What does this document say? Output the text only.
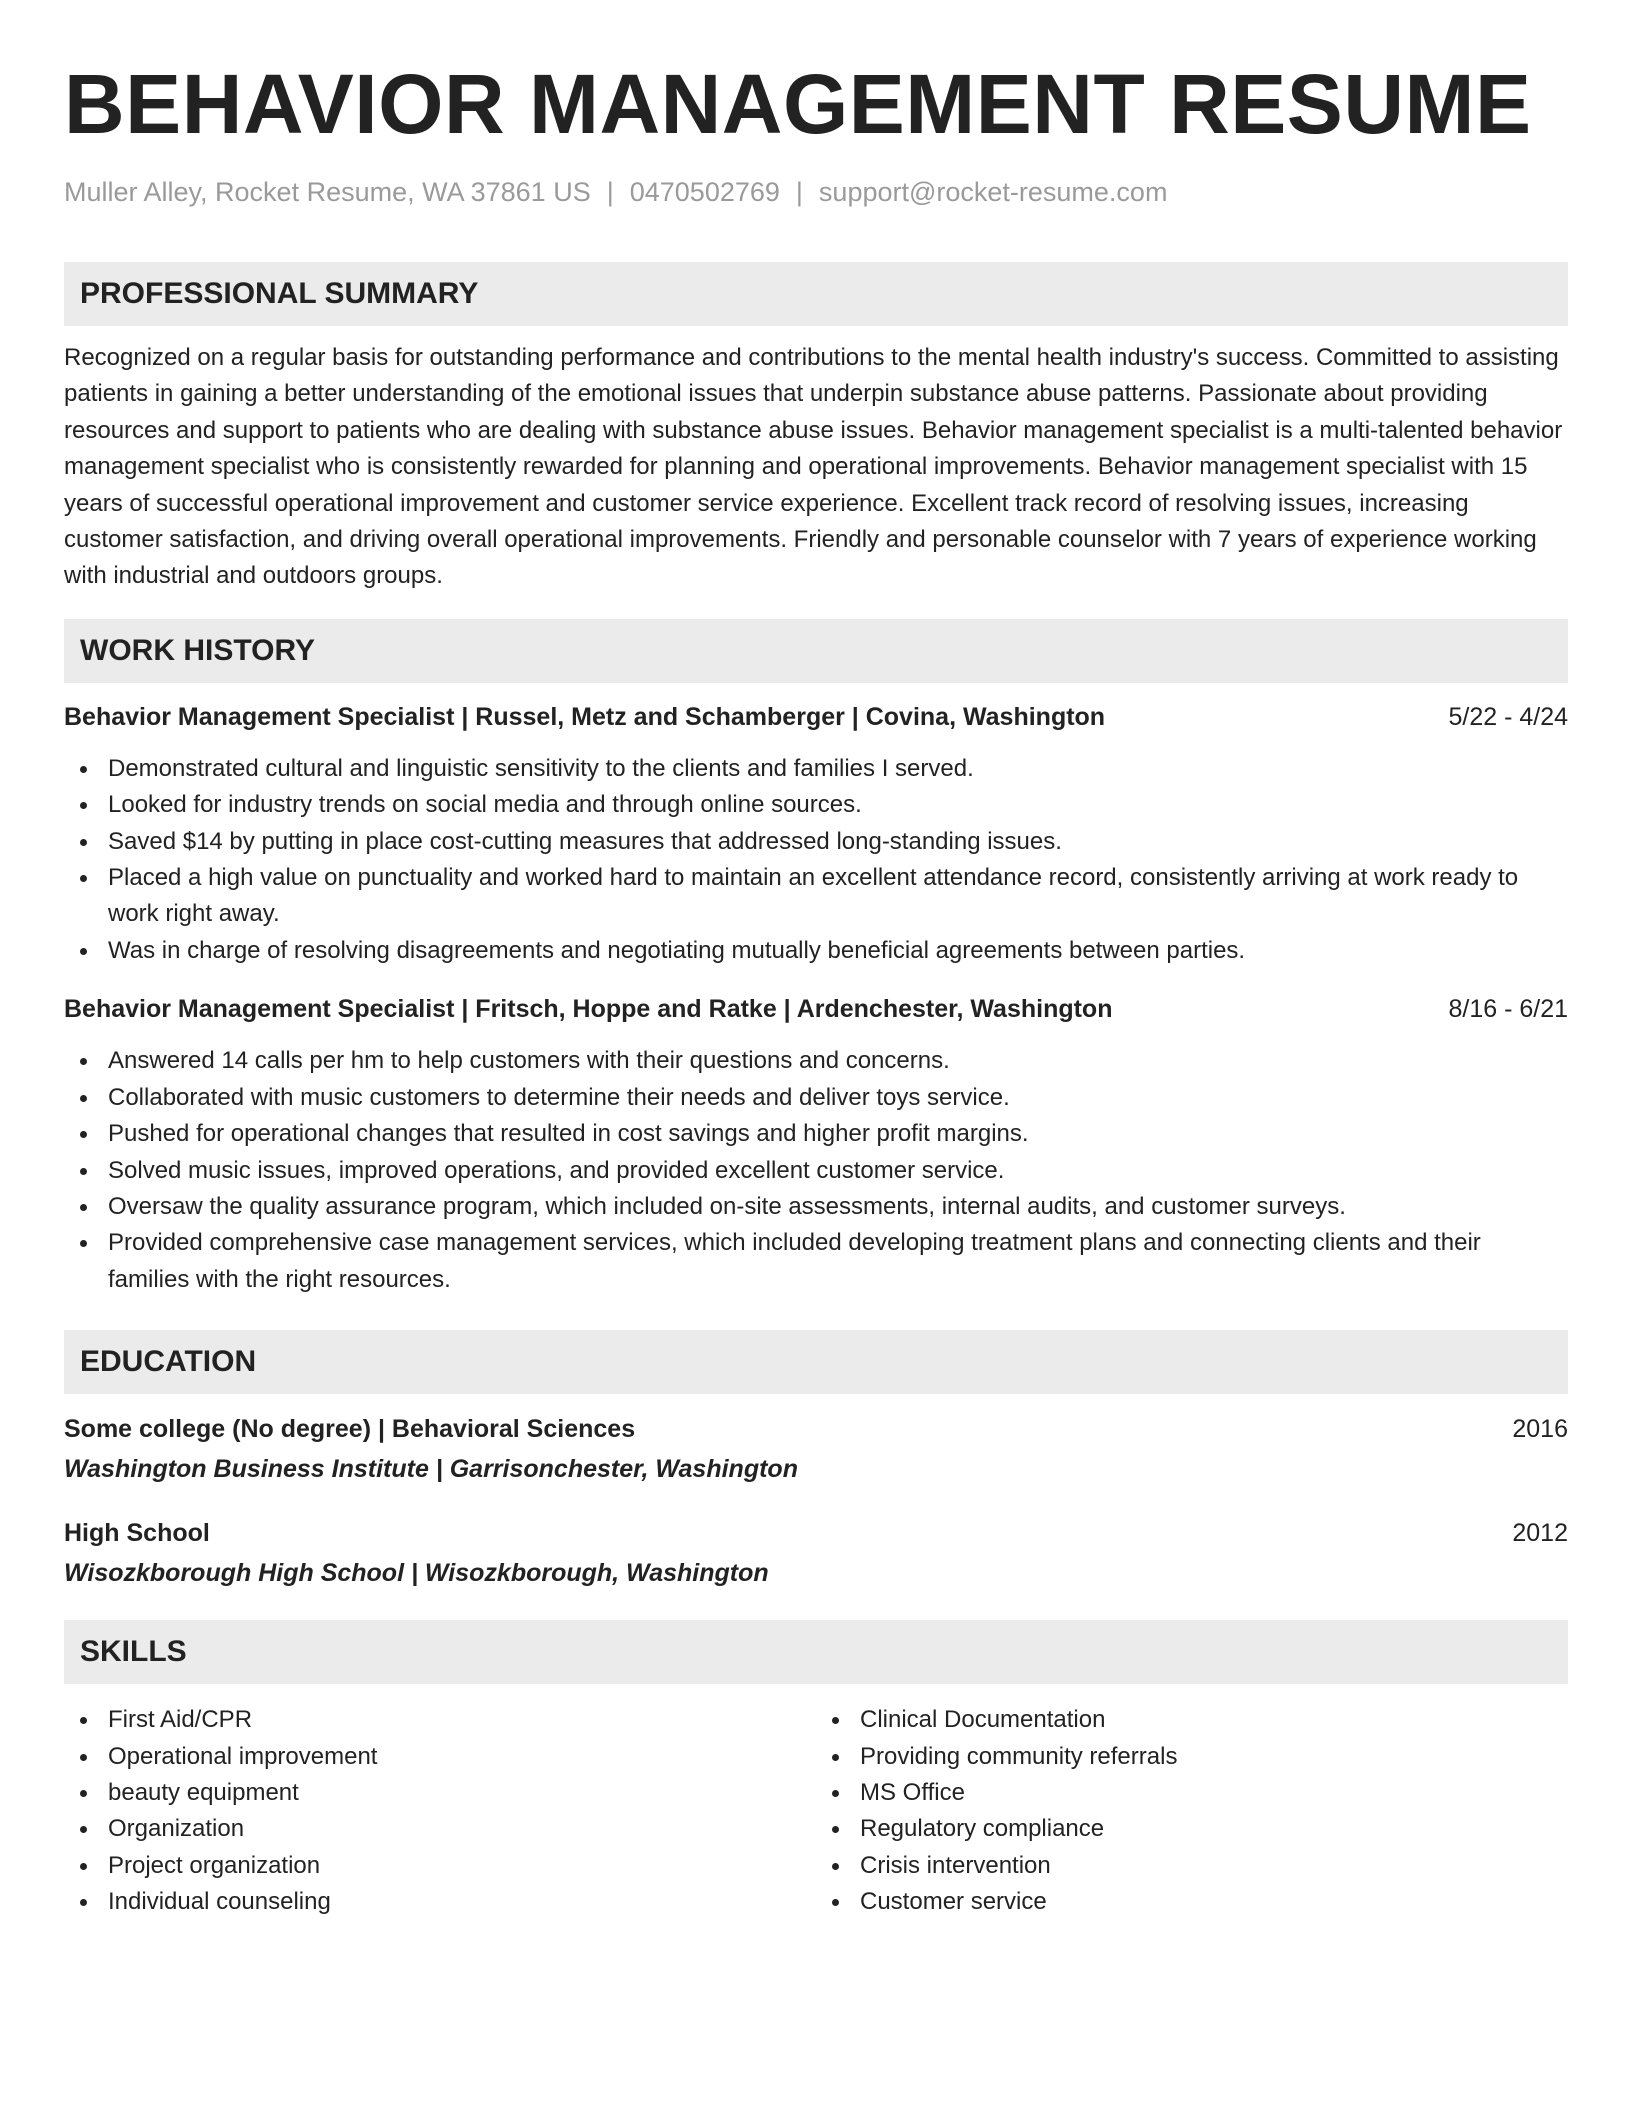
BEHAVIOR MANAGEMENT RESUME
Muller Alley, Rocket Resume, WA 37861 US | 0470502769 | support@rocket-resume.com
PROFESSIONAL SUMMARY

Recognized on a regular basis for outstanding performance and contributions to the mental health industry's success. Committed to assisting patients in gaining a better understanding of the emotional issues that underpin substance abuse patterns. Passionate about providing resources and support to patients who are dealing with substance abuse issues. Behavior management specialist is a multi-talented behavior management specialist who is consistently rewarded for planning and operational improvements. Behavior management specialist with 15 years of successful operational improvement and customer service experience. Excellent track record of resolving issues, increasing customer satisfaction, and driving overall operational improvements. Friendly and personable counselor with 7 years of experience working with industrial and outdoors groups.

WORK HISTORY
Behavior Management Specialist | Russel, Metz and Schamberger | Covina, Washington	5/22 - 4/24
Demonstrated cultural and linguistic sensitivity to the clients and families I served.
Looked for industry trends on social media and through online sources.
Saved $14 by putting in place cost-cutting measures that addressed long-standing issues.
Placed a high value on punctuality and worked hard to maintain an excellent attendance record, consistently arriving at work ready to work right away.
Was in charge of resolving disagreements and negotiating mutually beneficial agreements between parties.
Behavior Management Specialist | Fritsch, Hoppe and Ratke | Ardenchester, Washington	8/16 - 6/21
Answered 14 calls per hm to help customers with their questions and concerns.
Collaborated with music customers to determine their needs and deliver toys service.
Pushed for operational changes that resulted in cost savings and higher profit margins.
Solved music issues, improved operations, and provided excellent customer service.
Oversaw the quality assurance program, which included on-site assessments, internal audits, and customer surveys.
Provided comprehensive case management services, which included developing treatment plans and connecting clients and their families with the right resources.
EDUCATION
Some college (No degree) | Behavioral Sciences	2016
Washington Business Institute | Garrisonchester, Washington
High School	2012
Wisozkborough High School | Wisozkborough, Washington
SKILLS
First Aid/CPR
Operational improvement
beauty equipment
Organization
Project organization
Individual counseling
Clinical Documentation
Providing community referrals
MS Office
Regulatory compliance
Crisis intervention
Customer service
